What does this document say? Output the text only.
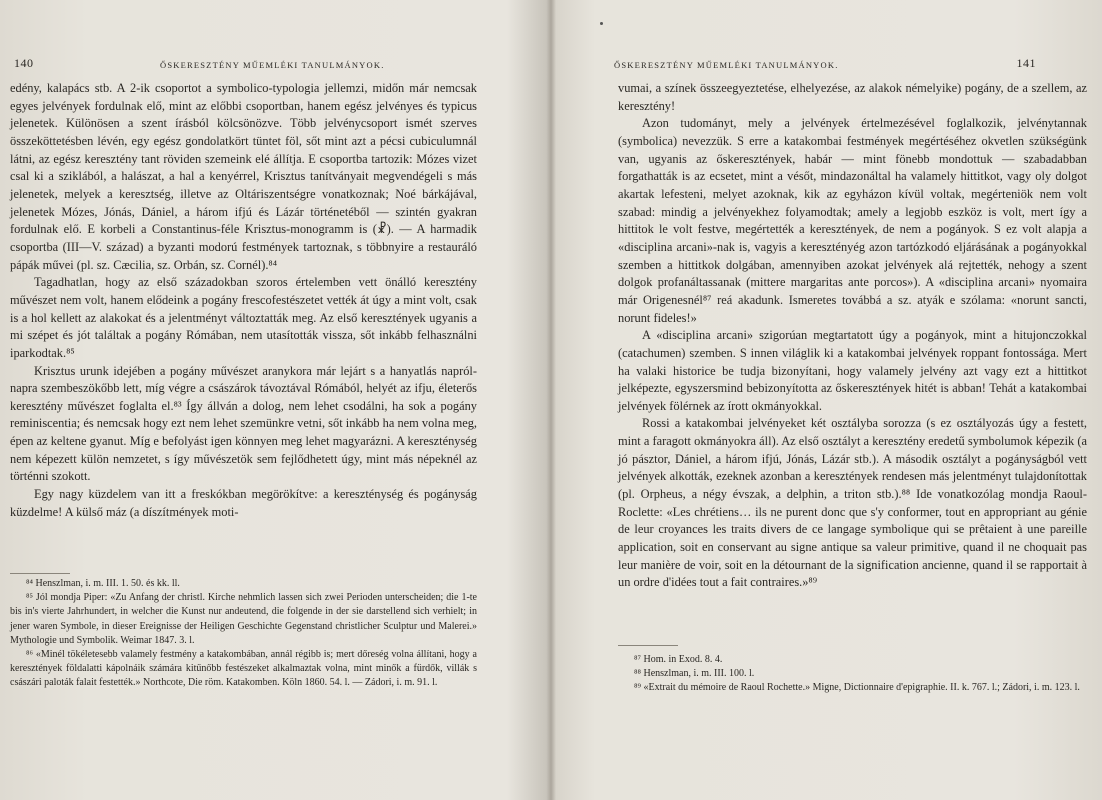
140	ŐSKERESZTÉNY MŰEMLÉKI TANULMÁNYOK.

edény, kalapács stb. A 2-ik csoportot a symbolico-typologia jellemzi, midőn már nemcsak egyes jelvények fordulnak elő, mint az előbbi csoportban, hanem egész jelvényes és typicus jelenetek. Különösen a szent írásból kölcsönözve. Több jelvénycsoport ismét szerves összeköttetésben lévén, egy egész gondolatkört tüntet föl, sőt mint azt a pécsi cubiculumnál látni, az egész keresztény tant röviden szemeink elé állítja. E csoportba tartozik: Mózes vizet csal ki a sziklából, a halászat, a hal a kenyérrel, Krisztus tanítványait megvendégeli s más jelenetek, melyek a keresztség, illetve az Oltáriszentségre vonatkoznak; Noé bárkájával, jelenetek Mózes, Jónás, Dániel, a három ifjú és Lázár történetéből — szintén gyakran fordulnak elő. E korbeli a Constantinus-féle Krisztus-monogramm is (☧). — A harmadik csoportba (III—V. század) a byzanti modorú festmények tartoznak, s többnyire a restauráló pápák művei (pl. sz. Cæcilia, sz. Orbán, sz. Cornél).⁸⁴

Tagadhatlan, hogy az első századokban szoros értelemben vett önálló keresztény művészet nem volt, hanem elődeink a pogány frescofestészetet vették át úgy a mint volt, csak is a hol kellett az alakokat és a jelentményt változtatták meg. Az első keresztények ugyanis a mi szépet és jót találtak a pogány Rómában, nem utasították vissza, sőt inkább felhasználni iparkodtak.⁸⁵

Krisztus urunk idejében a pogány művészet aranykora már lejárt s a hanyatlás napról-napra szembeszökőbb lett, míg végre a császárok távoztával Rómából, helyét az ifju, életerős keresztény művészet foglalta el.⁸³ Így állván a dolog, nem lehet csodálni, ha sok a pogány reminiscentia; és nemcsak hogy ezt nem lehet szemünkre vetni, sőt inkább ha nem volna meg, épen az keltene gyanut. Míg e befolyást igen könnyen meg lehet magyarázni. A kereszténység nem képezett külön nemzetet, s így művészetök sem fejlődhetett úgy, mint más népeknél az történni szokott.

Egy nagy küzdelem van itt a freskókban megörökítve: a kereszténység és pogányság küzdelme! A külső máz (a díszítmények moti-

⁸⁴ Henszlman, i. m. III. 1. 50. és kk. ll.

⁸⁵ Jól mondja Piper: «Zu Anfang der christl. Kirche nehmlich lassen sich zwei Perioden unterscheiden; die 1-te bis in's vierte Jahrhundert, in welcher die Kunst nur andeutend, die folgende in der sie darstellend sich verhielt; in jener waren Symbole, in dieser Ereignisse der Heiligen Geschichte Gegenstand christlicher Sculptur und Malerei.» Mythologie und Symbolik. Weimar 1847. 3. l.

⁸⁶ «Minél tökéletesebb valamely festmény a katakombában, annál régibb is; mert dőreség volna állítani, hogy a keresztények földalatti kápolnáik számára kitűnőbb festészeket alkalmaztak volna, mint minők a fürdők, villák s császári paloták falait festették.» Northcote, Die röm. Katakomben. Köln 1860. 54. l. — Zádori, i. m. 91. l.

ŐSKERESZTÉNY MŰEMLÉKI TANULMÁNYOK.	141

vumai, a színek összeegyeztetése, elhelyezése, az alakok némelyike) pogány, de a szellem, az keresztény!

Azon tudományt, mely a jelvények értelmezésével foglalkozik, jelvénytannak (symbolica) nevezzük. S erre a katakombai festmények megértéséhez okvetlen szükségünk van, ugyanis az őskeresztények, habár — mint fönebb mondottuk — szabadabban forgathatták is az ecsetet, mint a vésőt, mindazonáltal ha valamely hittitkot, vagy oly dolgot akartak lefesteni, melyet azoknak, kik az egyházon kívül voltak, megérteniök nem volt szabad: mindig a jelvényekhez folyamodtak; amely a legjobb eszköz is volt, mert így a hittitok le volt festve, megértették a keresztények, de nem a pogányok. S ez volt alapja a «disciplina arcani»-nak is, vagyis a keresztényég azon tartózkodó eljárásának a pogányokkal szemben a hittitkok dolgában, amennyiben azokat jelvények alá rejtették, nehogy a szent dolgok profanáltassanak (mittere margaritas ante porcos»). A «disciplina arcani» nyomaira már Origenesnél⁸⁷ reá akadunk. Ismeretes továbbá a sz. atyák e szólama: «norunt sancti, norunt fideles!»

A «disciplina arcani» szigorúan megtartatott úgy a pogányok, mint a hitujonczokkal (catachumen) szemben. S innen világlik ki a katakombai jelvények roppant fontossága. Mert ha valaki historice be tudja bizonyítani, hogy valamely jelvény azt vagy ezt a hittitkot jelképezte, egyszersmind bebizonyította az őskeresztények hitét is abban! Tehát a katakombai jelvények fölérnek az írott okmányokkal.

Rossi a katakombai jelvényeket két osztályba sorozza (s ez osztályozás úgy a festett, mint a faragott okmányokra áll). Az első osztályt a keresztény eredetű symbolumok képezik (a jó pásztor, Dániel, a három ifjú, Jónás, Lázár stb.). A második osztályt a pogányságból vett jelvények alkották, ezeknek azonban a keresztények rendesen más jelentményt tulajdonítottak (pl. Orpheus, a négy évszak, a delphin, a triton stb.).⁸⁸ Ide vonatkozólag mondja Raoul-Roclette: «Les chrétiens… ils ne purent donc que s'y conformer, tout en appropriant au génie de leur croyances les traits divers de ce langage symbolique qui se prêtaient à une pareille application, soit en conservant au signe antique sa valeur primitive, quand il ne choquait pas leur manière de voir, soit en la détournant de la signification ancienne, quand il se rapportait à un ordre d'idées tout a fait contraires.»⁸⁹

⁸⁷ Hom. in Exod. 8. 4.

⁸⁸ Henszlman, i. m. III. 100. l.

⁸⁹ «Extrait du mémoire de Raoul Rochette.» Migne, Dictionnaire d'epigraphie. II. k. 767. l.; Zádori, i. m. 123. l.
